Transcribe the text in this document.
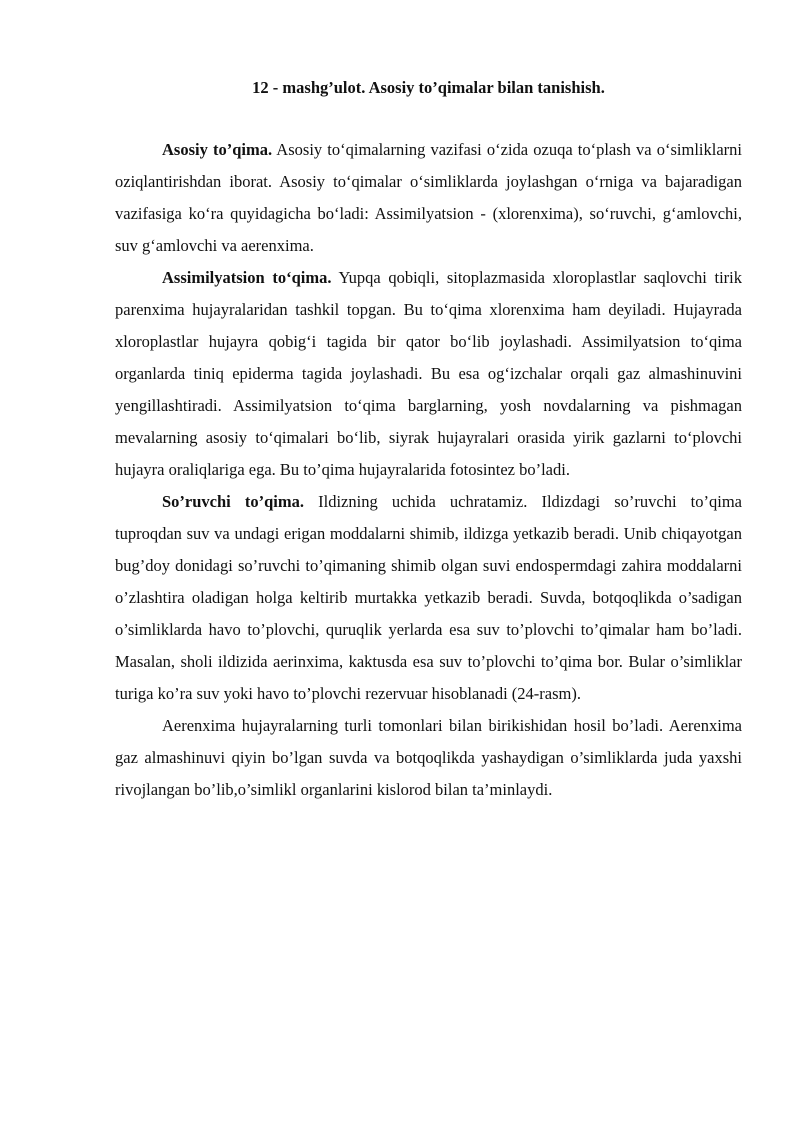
12 - mashg’ulot. Asosiy to’qimalar bilan tanishish.

Asosiy to’qima. Asosiy to‘qimalarning vazifasi o‘zida ozuqa to‘plash va o‘simliklarni oziqlantirishdan iborat. Asosiy to‘qimalar o‘simliklarda joylashgan o‘rniga va bajaradigan vazifasiga ko‘ra quyidagicha bo‘ladi: Assimilyatsion - (xlorenxima), so‘ruvchi, g‘amlovchi, suv g‘amlovchi va aerenxima.

Assimilyatsion to‘qima. Yupqa qobiqli, sitoplazmasida xloroplastlar saqlovchi tirik parenxima hujayralaridan tashkil topgan. Bu to‘qima xlorenxima ham deyiladi. Hujayrada xloroplastlar hujayra qobig‘i tagida bir qator bo‘lib joylashadi. Assimilyatsion to‘qima organlarda tiniq epiderma tagida joylashadi. Bu esa og‘izchalar orqali gaz almashinuvini yengillashtiradi. Assimilyatsion to‘qima barglarning, yosh novdalarning va pishmagan mevalarning asosiy to‘qimalari bo‘lib, siyrak hujayralari orasida yirik gazlarni to‘plovchi hujayra oraliqlariga ega. Bu to’qima hujayralarida fotosintez bo’ladi.

So’ruvchi to’qima. Ildizning uchida uchratamiz. Ildizdagi so’ruvchi to’qima tuproqdan suv va undagi erigan moddalarni shimib, ildizga yetkazib beradi. Unib chiqayotgan bug’doy donidagi so’ruvchi to’qimaning shimib olgan suvi endospermdagi zahira moddalarni o’zlashtira oladigan holga keltirib murtakka yetkazib beradi. Suvda, botqoqlikda o’sadigan o’simliklarda havo to’plovchi, quruqlik yerlarda esa suv to’plovchi to’qimalar ham bo’ladi. Masalan, sholi ildizida aerinxima, kaktusda esa suv to’plovchi to’qima bor. Bular o’simliklar turiga ko’ra suv yoki havo to’plovchi rezervuar hisoblanadi (24-rasm).

Aerenxima hujayralarning turli tomonlari bilan birikishidan hosil bo’ladi. Aerenxima gaz almashinuvi qiyin bo’lgan suvda va botqoqlikda yashaydigan o’simliklarda juda yaxshi rivojlangan bo’lib,o’simlikl organlarini kislorod bilan ta’minlaydi.
